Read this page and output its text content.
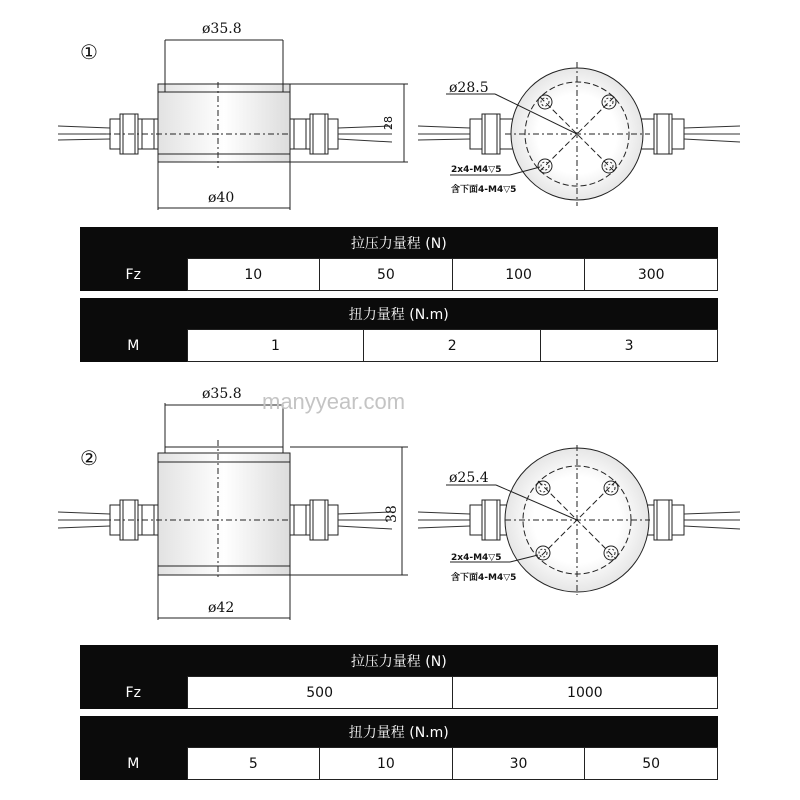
①
ø35.8
ø40
28
ø28.5
2x4-M4▽5
含下面4-M4▽5
②
ø35.8
ø42
38
ø25.4
2x4-M4▽5
含下面4-M4▽5
manyyear.com
拉压力量程 (N)
Fz	10	50	100	300
扭力量程 (N.m)
M	1	2	3
拉压力量程 (N)
Fz	500	1000
扭力量程 (N.m)
M	5	10	30	50
